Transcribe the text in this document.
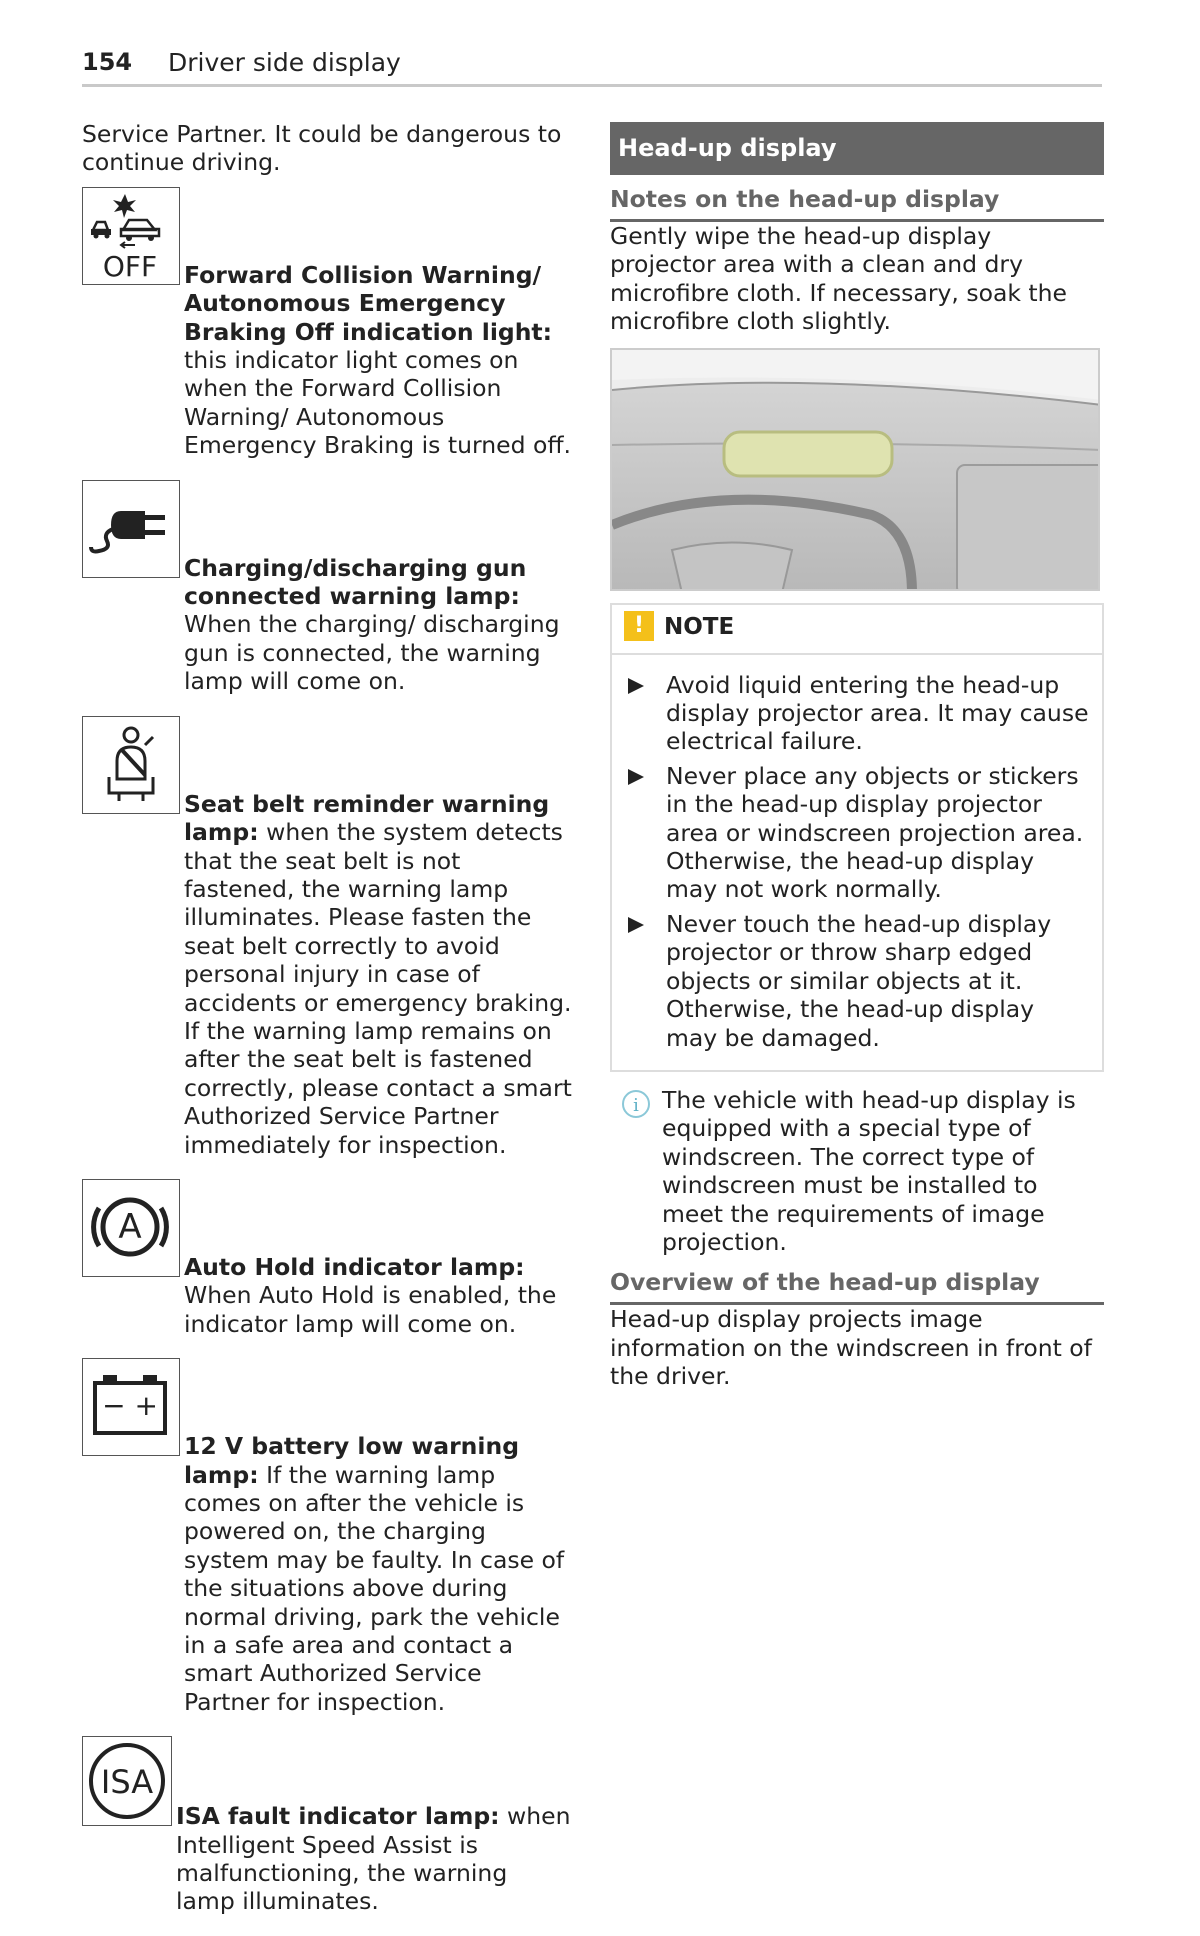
154 Driver side display

Service Partner. It could be dangerous to continue driving.

OFF	Forward Collision Warning/ Autonomous Emergency Braking Off indication light: this indicator light comes on when the Forward Collision Warning/ Autonomous Emergency Braking is turned off.

Charging/discharging gun connected warning lamp: When the charging/ discharging gun is connected, the warning lamp will come on.

Seat belt reminder warning lamp: when the system detects that the seat belt is not fastened, the warning lamp illuminates. Please fasten the seat belt correctly to avoid personal injury in case of accidents or emergency braking. If the warning lamp remains on after the seat belt is fastened correctly, please contact a smart Authorized Service Partner immediately for inspection.

A

Auto Hold indicator lamp: When Auto Hold is enabled, the indicator lamp will come on.

− +

12 V battery low warning lamp: If the warning lamp comes on after the vehicle is powered on, the charging system may be faulty. In case of the situations above during normal driving, park the vehicle in a safe area and contact a smart Authorized Service Partner for inspection.

ISA

ISA fault indicator lamp: when Intelligent Speed Assist is malfunctioning, the warning lamp illuminates.

Head-up display
Notes on the head-up display

Gently wipe the head-up display projector area with a clean and dry microfibre cloth. If necessary, soak the microfibre cloth slightly.

! NOTE
Avoid liquid entering the head-up display projector area. It may cause electrical failure.
Never place any objects or stickers in the head-up display projector area or windscreen projection area. Otherwise, the head-up display may not work normally.
Never touch the head-up display projector or throw sharp edged objects or similar objects at it. Otherwise, the head-up display may be damaged.
i The vehicle with head-up display is equipped with a special type of windscreen. The correct type of windscreen must be installed to meet the requirements of image projection.

Overview of the head-up display

Head-up display projects image information on the windscreen in front of the driver.
